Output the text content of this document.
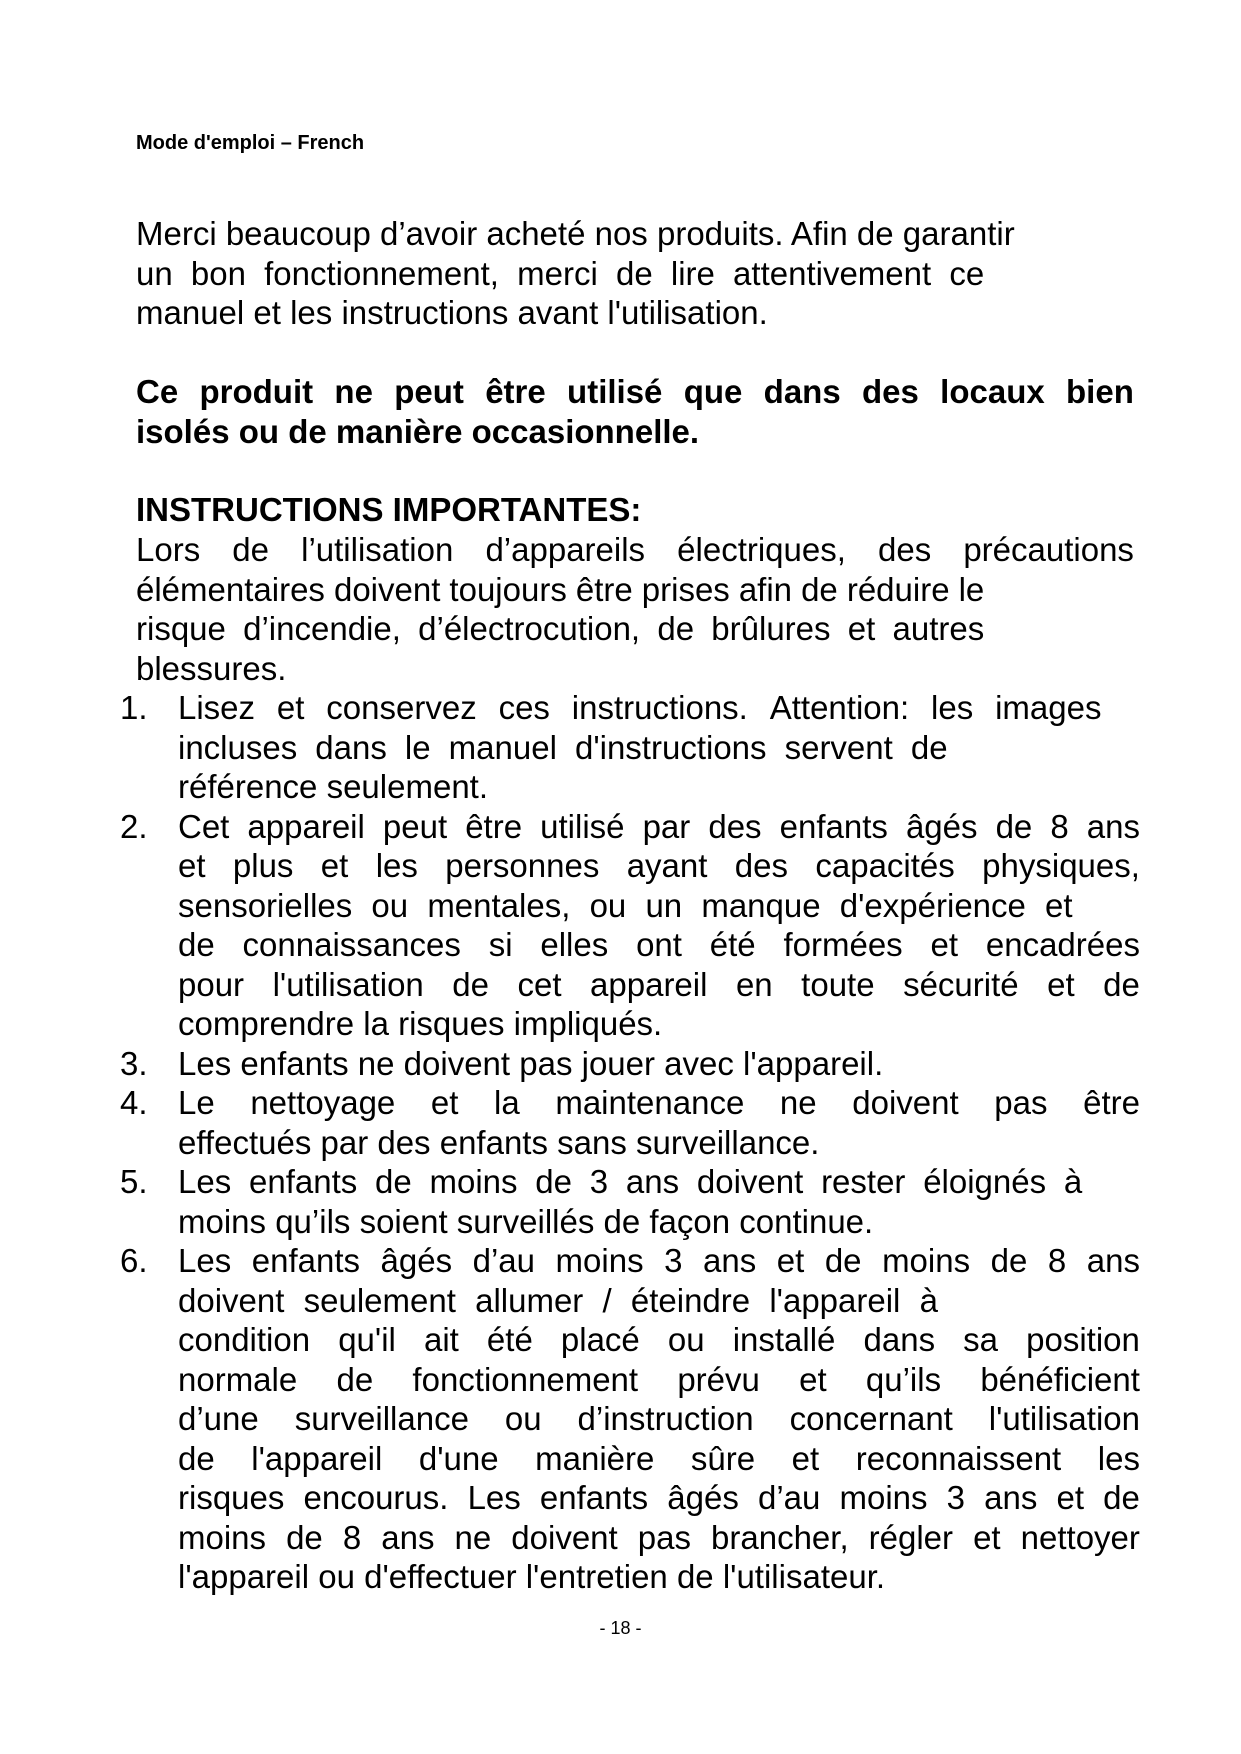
Mode d'emploi – French
Merci beaucoup d’avoir acheté nos produits. Afin de garantir
un bon fonctionnement, merci de lire attentivement ce
manuel et les instructions avant l'utilisation.
Ce produit ne peut être utilisé que dans des locaux bien
isolés ou de manière occasionnelle.
INSTRUCTIONS IMPORTANTES:
Lors de l’utilisation d’appareils électriques, des précautions
élémentaires doivent toujours être prises afin de réduire le
risque d’incendie, d’électrocution, de brûlures et autres
blessures.
1. Lisez et conservez ces instructions. Attention: les images
incluses dans le manuel d'instructions servent de
référence seulement.
2. Cet appareil peut être utilisé par des enfants âgés de 8 ans
et plus et les personnes ayant des capacités physiques,
sensorielles ou mentales, ou un manque d'expérience et
de connaissances si elles ont été formées et encadrées
pour l'utilisation de cet appareil en toute sécurité et de
comprendre la risques impliqués.
3. Les enfants ne doivent pas jouer avec l'appareil.
4. Le nettoyage et la maintenance ne doivent pas être
effectués par des enfants sans surveillance.
5. Les enfants de moins de 3 ans doivent rester éloignés à
moins qu’ils soient surveillés de façon continue.
6. Les enfants âgés d’au moins 3 ans et de moins de 8 ans
doivent seulement allumer / éteindre l'appareil à
condition qu'il ait été placé ou installé dans sa position
normale de fonctionnement prévu et qu’ils bénéficient
d’une surveillance ou d’instruction concernant l'utilisation
de l'appareil d'une manière sûre et reconnaissent les
risques encourus. Les enfants âgés d’au moins 3 ans et de
moins de 8 ans ne doivent pas brancher, régler et nettoyer
l'appareil ou d'effectuer l'entretien de l'utilisateur.
- 18 -
